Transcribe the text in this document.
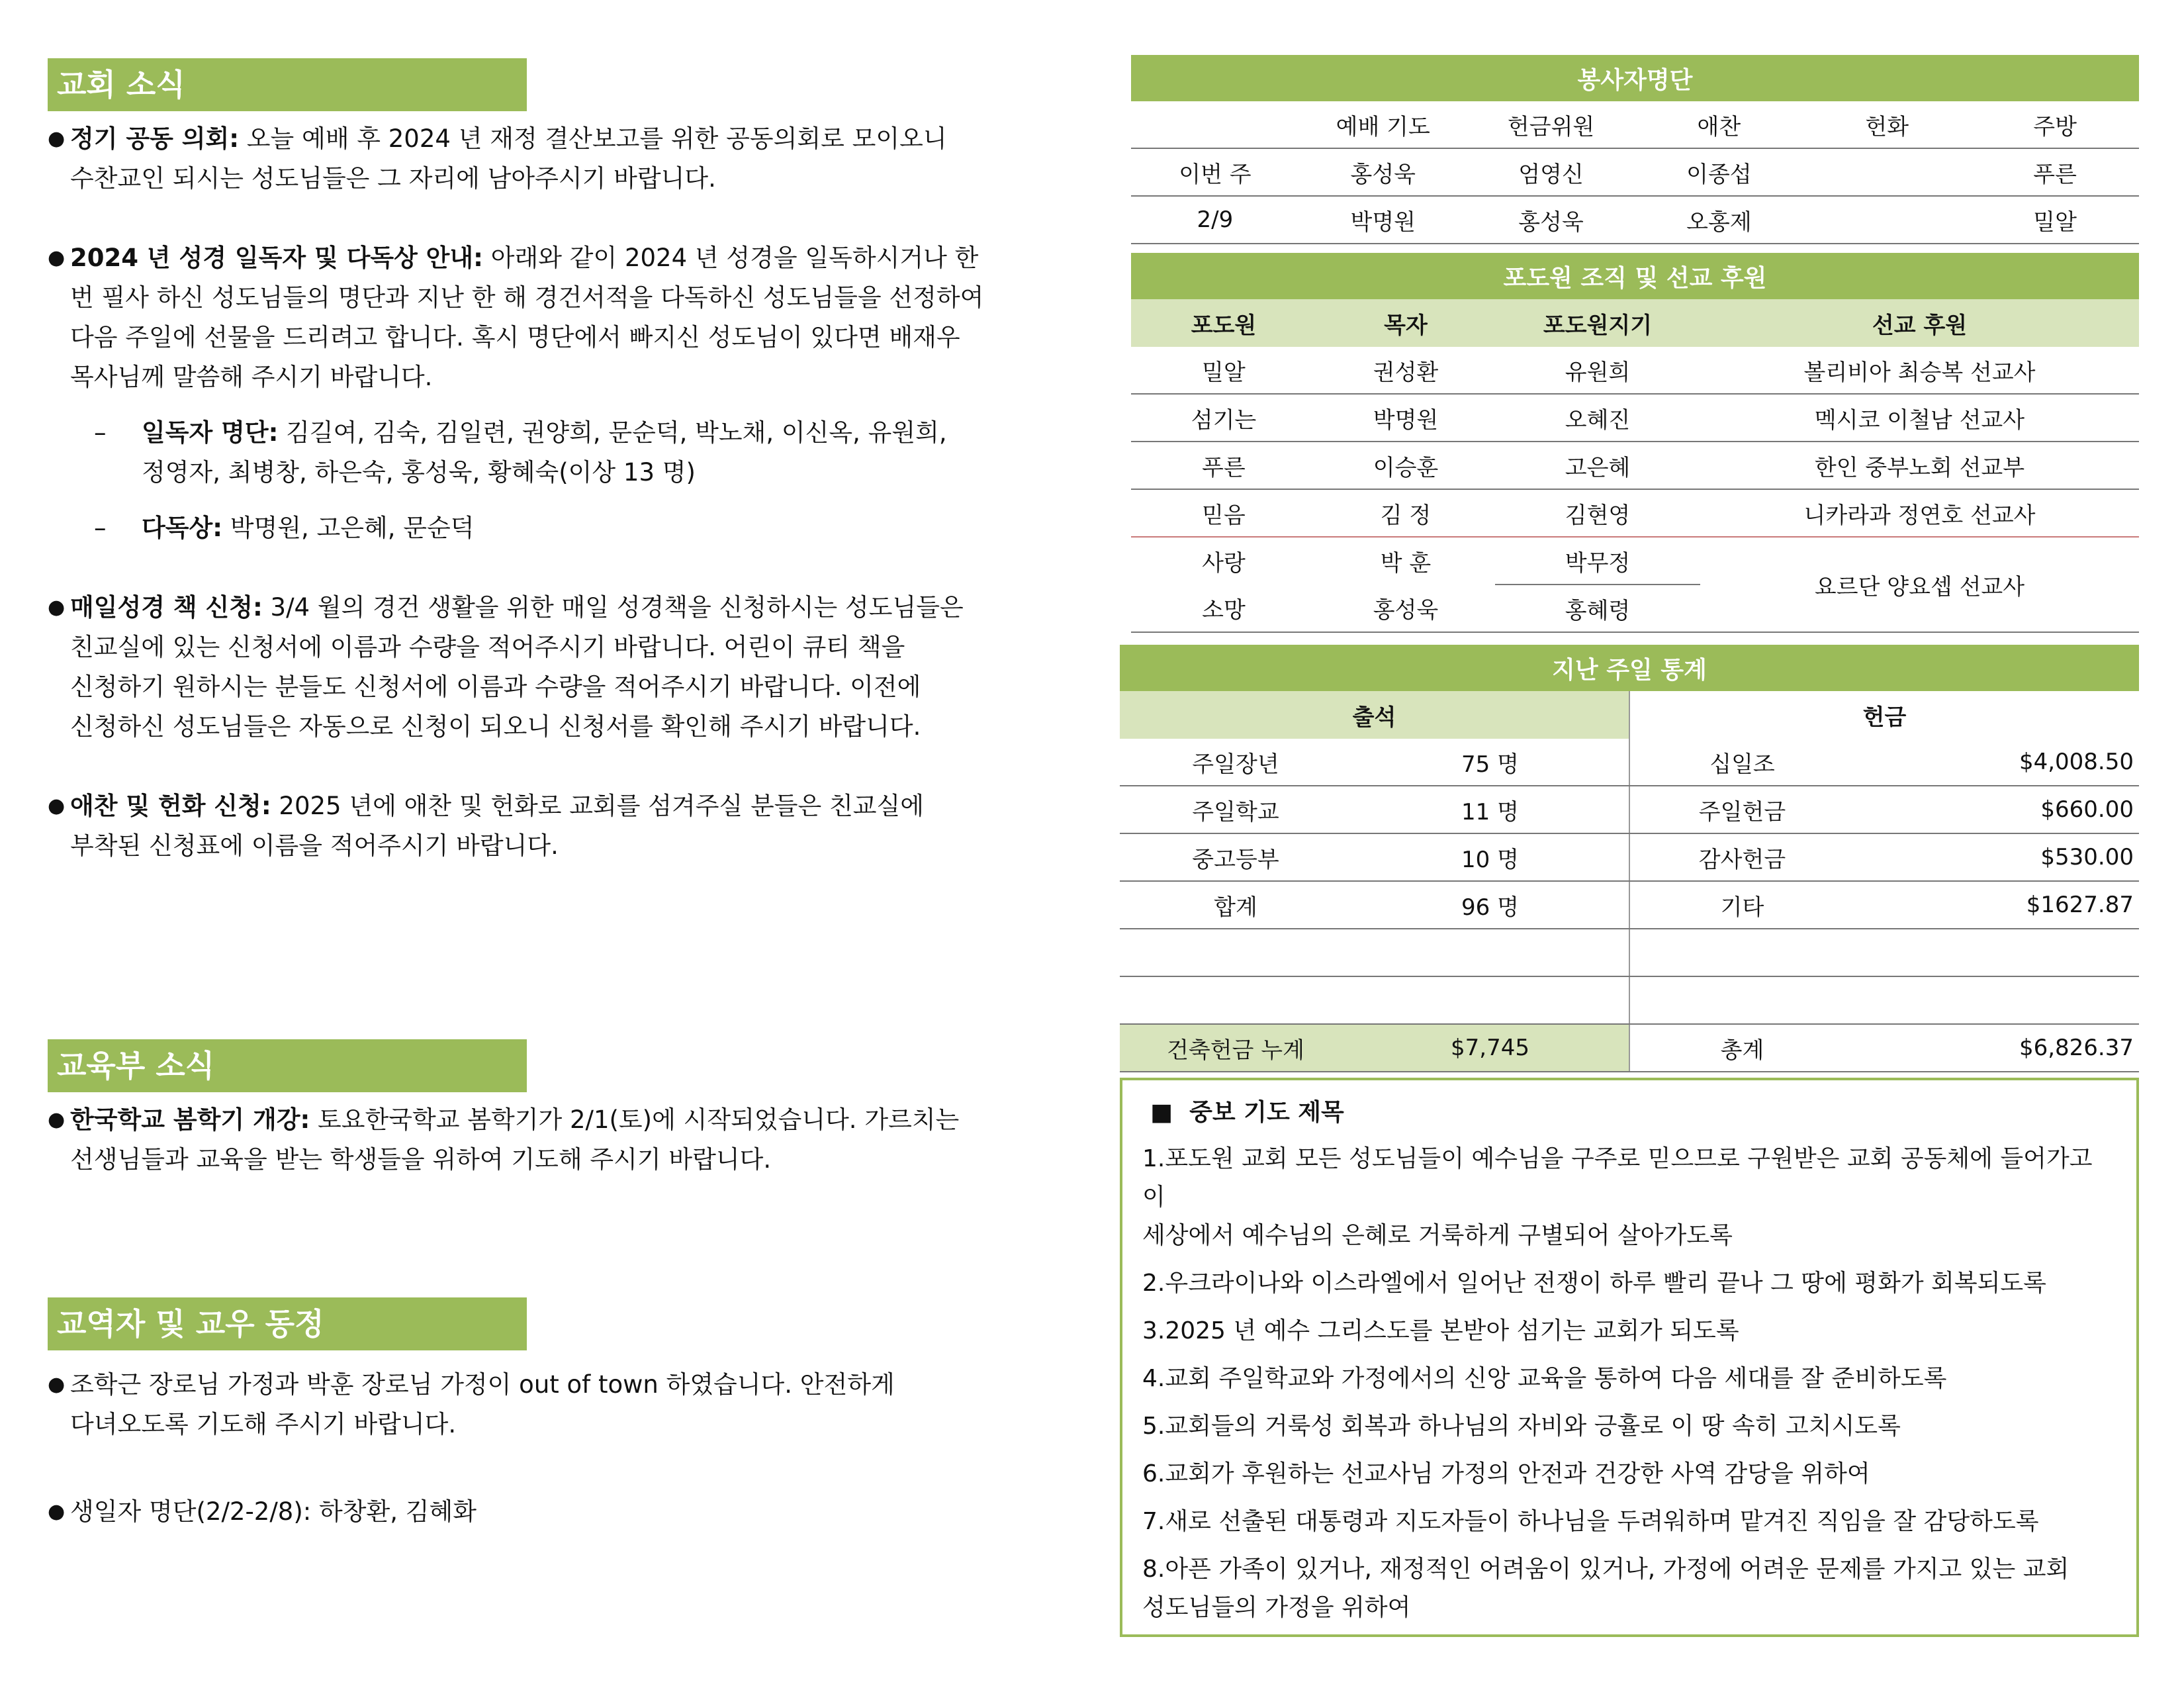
교회 소식
● 정기 공동 의회: 오늘 예배 후 2024 년 재정 결산보고를 위한 공동의회로 모이오니
수찬교인 되시는 성도님들은 그 자리에 남아주시기 바랍니다.
● 2024 년 성경 일독자 및 다독상 안내: 아래와 같이 2024 년 성경을 일독하시거나 한
번 필사 하신 성도님들의 명단과 지난 한 해 경건서적을 다독하신 성도님들을 선정하여
다음 주일에 선물을 드리려고 합니다. 혹시 명단에서 빠지신 성도님이 있다면 배재우
목사님께 말씀해 주시기 바랍니다.
– 일독자 명단: 김길여, 김숙, 김일련, 권양희, 문순덕, 박노채, 이신옥, 유원희,
정영자, 최병창, 하은숙, 홍성욱, 황혜숙(이상 13 명)
– 다독상: 박명원, 고은혜, 문순덕
● 매일성경 책 신청: 3/4 월의 경건 생활을 위한 매일 성경책을 신청하시는 성도님들은
친교실에 있는 신청서에 이름과 수량을 적어주시기 바랍니다. 어린이 큐티 책을
신청하기 원하시는 분들도 신청서에 이름과 수량을 적어주시기 바랍니다. 이전에
신청하신 성도님들은 자동으로 신청이 되오니 신청서를 확인해 주시기 바랍니다.
● 애찬 및 헌화 신청: 2025 년에 애찬 및 헌화로 교회를 섬겨주실 분들은 친교실에
부착된 신청표에 이름을 적어주시기 바랍니다.
교육부 소식
● 한국학교 봄학기 개강: 토요한국학교 봄학기가 2/1(토)에 시작되었습니다. 가르치는
선생님들과 교육을 받는 학생들을 위하여 기도해 주시기 바랍니다.
교역자 및 교우 동정
● 조학근 장로님 가정과 박훈 장로님 가정이 out of town 하였습니다. 안전하게
다녀오도록 기도해 주시기 바랍니다.
● 생일자 명단(2/2-2/8): 하창환, 김혜화
봉사자명단					
	예배 기도	헌금위원	애찬	헌화	주방
이번 주	홍성욱	엄영신	이종섭		푸른
2/9	박명원	홍성욱	오홍제		밀알
포도원 조직 및 선교 후원			
포도원	목자	포도원지기	선교 후원
밀알	권성환	유원희	볼리비아 최승복 선교사
섬기는	박명원	오혜진	멕시코 이철남 선교사
푸른	이승훈	고은혜	한인 중부노회 선교부
믿음	김 정	김현영	니카라과 정연호 선교사
사랑	박 훈	박무정	요르단 양요셉 선교사
소망	홍성욱	홍혜령	
지난 주일 통계			
출석		헌금	
주일장년	75 명	십일조	$4,008.50
주일학교	11 명	주일헌금	$660.00
중고등부	10 명	감사헌금	$530.00
합계	96 명	기타	$1627.87

건축헌금 누계	$7,745	총계	$6,826.37
■ 중보 기도 제목
1.포도원 교회 모든 성도님들이 예수님을 구주로 믿으므로 구원받은 교회 공동체에 들어가고 이
세상에서 예수님의 은혜로 거룩하게 구별되어 살아가도록
2.우크라이나와 이스라엘에서 일어난 전쟁이 하루 빨리 끝나 그 땅에 평화가 회복되도록
3.2025 년 예수 그리스도를 본받아 섬기는 교회가 되도록
4.교회 주일학교와 가정에서의 신앙 교육을 통하여 다음 세대를 잘 준비하도록
5.교회들의 거룩성 회복과 하나님의 자비와 긍휼로 이 땅 속히 고치시도록
6.교회가 후원하는 선교사님 가정의 안전과 건강한 사역 감당을 위하여
7.새로 선출된 대통령과 지도자들이 하나님을 두려워하며 맡겨진 직임을 잘 감당하도록
8.아픈 가족이 있거나, 재정적인 어려움이 있거나, 가정에 어려운 문제를 가지고 있는 교회
성도님들의 가정을 위하여
